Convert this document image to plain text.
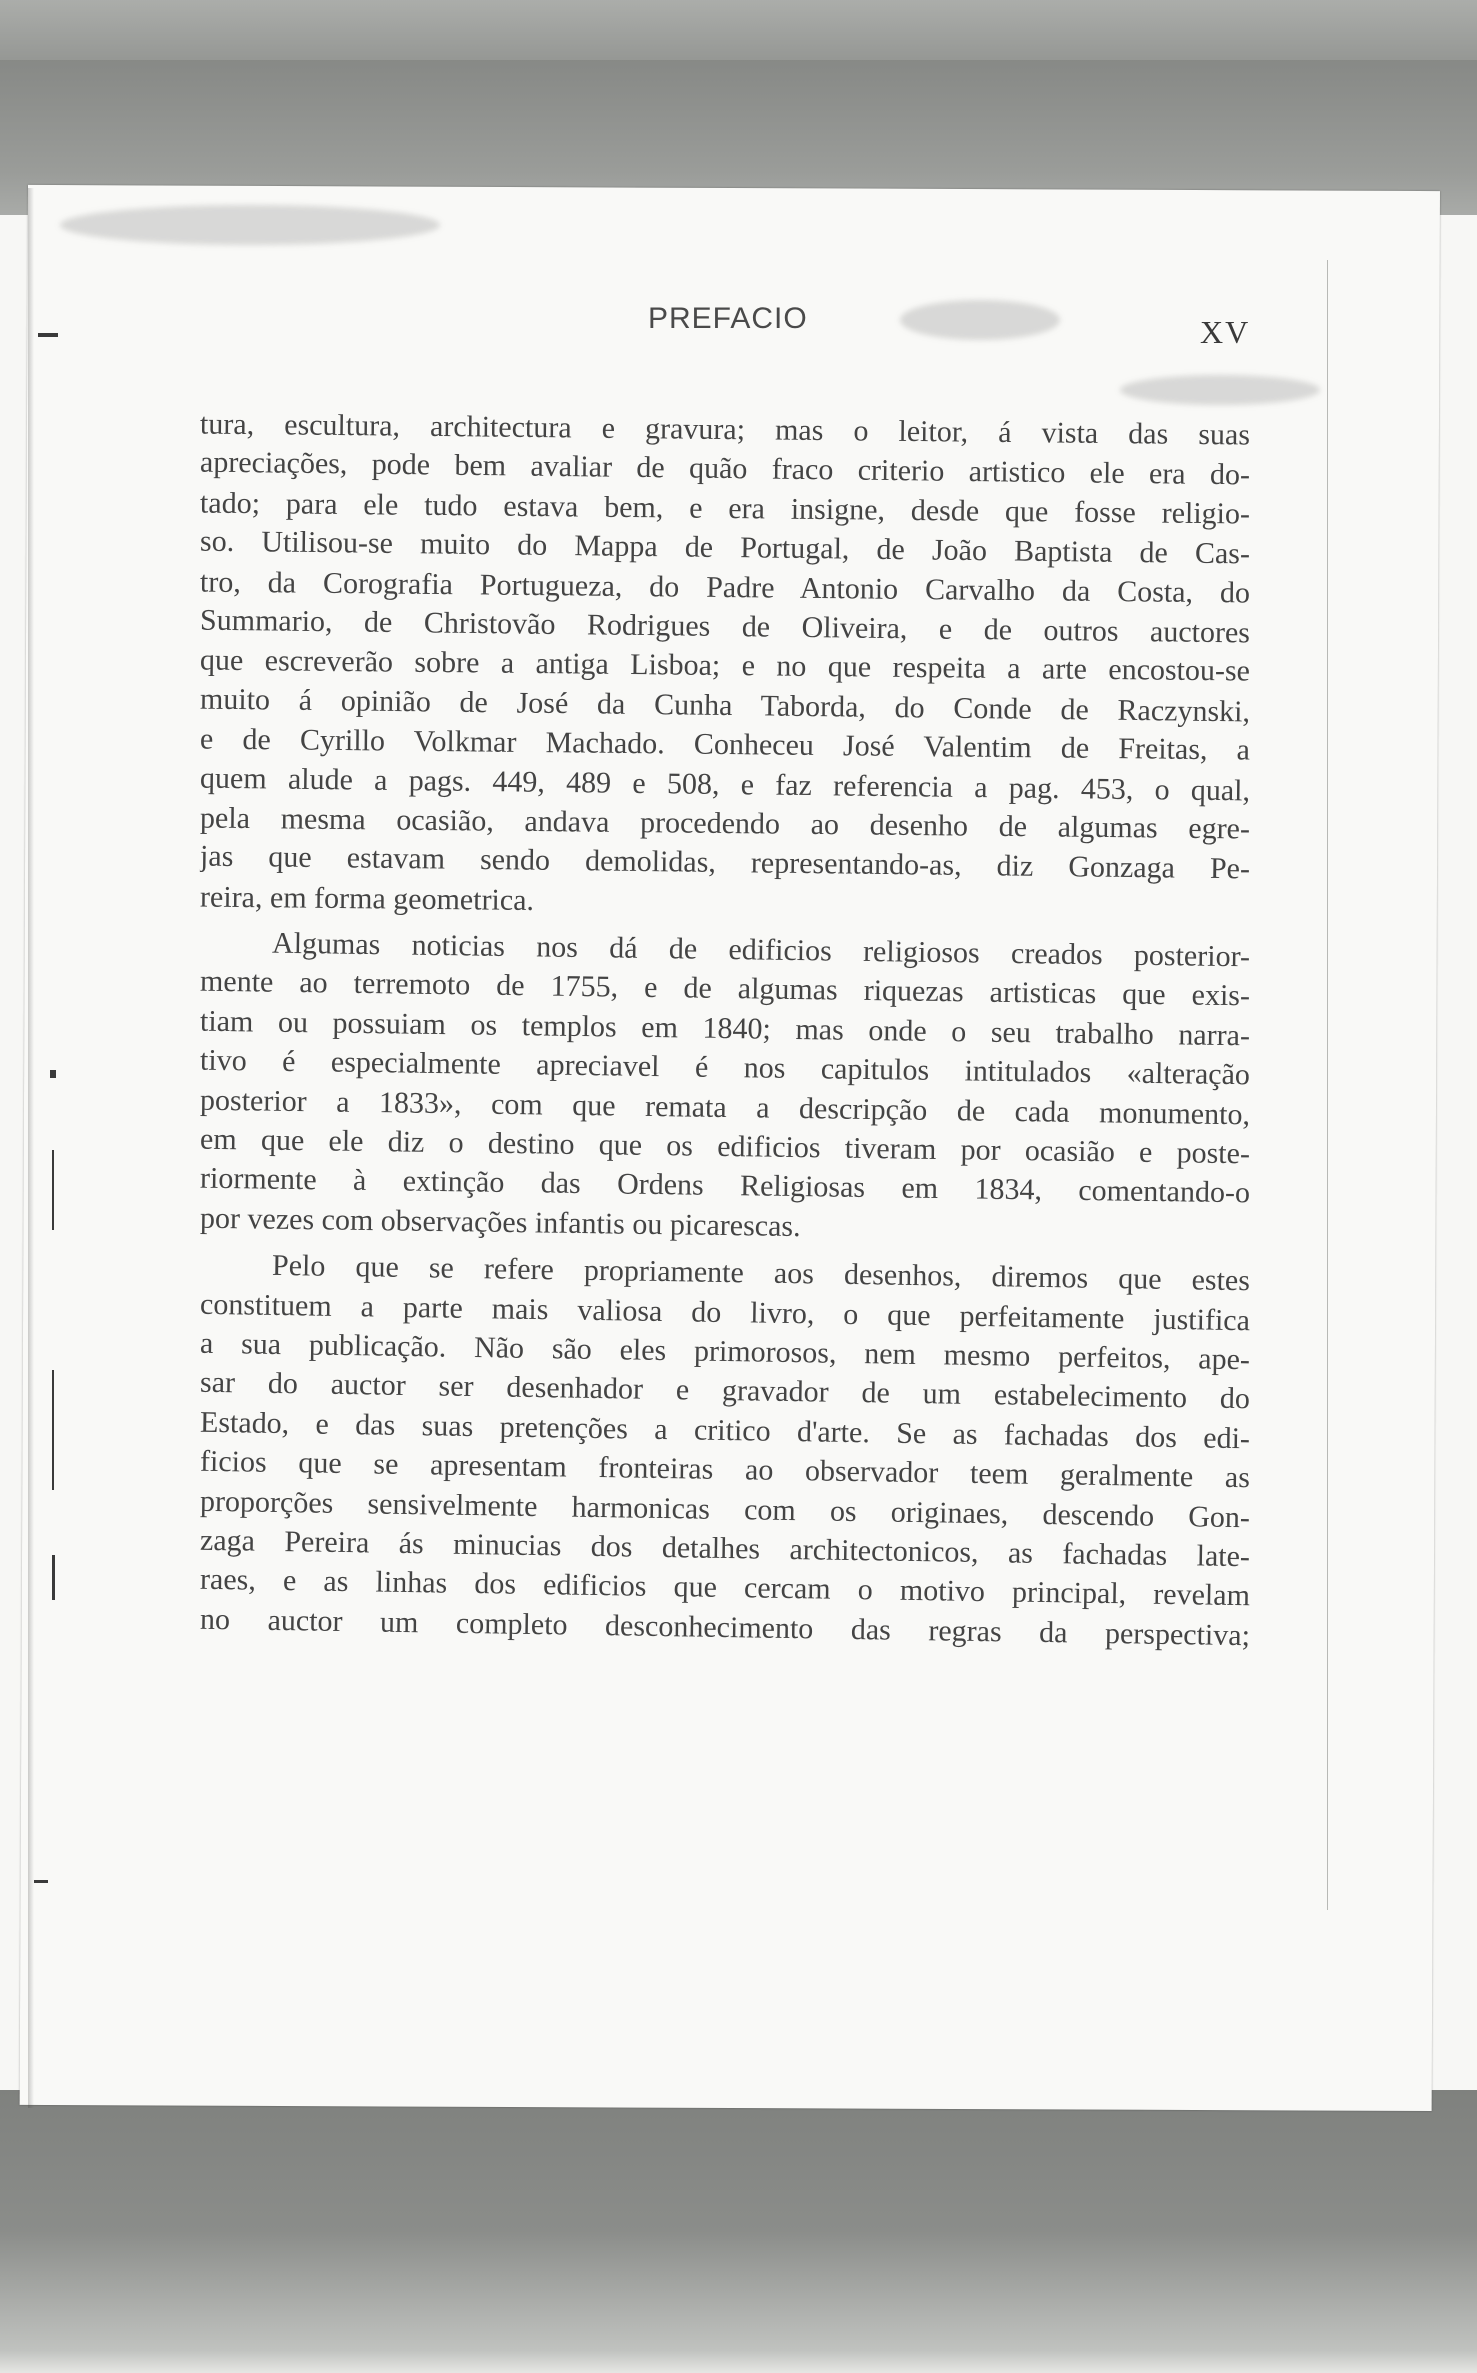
PREFACIO	XV
tura, escultura, architectura e gravura; mas o leitor, á vista das suas
apreciações, pode bem avaliar de quão fraco criterio artistico ele era do-
tado; para ele tudo estava bem, e era insigne, desde que fosse religio-
so. Utilisou-se muito do Mappa de Portugal, de João Baptista de Cas-
tro, da Corografia Portugueza, do Padre Antonio Carvalho da Costa, do
Summario, de Christovão Rodrigues de Oliveira, e de outros auctores
que escreverão sobre a antiga Lisboa; e no que respeita a arte encostou-se
muito á opinião de José da Cunha Taborda, do Conde de Raczynski,
e de Cyrillo Volkmar Machado. Conheceu José Valentim de Freitas, a
quem alude a pags. 449, 489 e 508, e faz referencia a pag. 453, o qual,
pela mesma ocasião, andava procedendo ao desenho de algumas egre-
jas que estavam sendo demolidas, representando-as, diz Gonzaga Pe-
reira, em forma geometrica.
Algumas noticias nos dá de edificios religiosos creados posterior-
mente ao terremoto de 1755, e de algumas riquezas artisticas que exis-
tiam ou possuiam os templos em 1840; mas onde o seu trabalho narra-
tivo é especialmente apreciavel é nos capitulos intitulados «alteração
posterior a 1833», com que remata a descripção de cada monumento,
em que ele diz o destino que os edificios tiveram por ocasião e poste-
riormente à extinção das Ordens Religiosas em 1834, comentando-o
por vezes com observações infantis ou picarescas.
Pelo que se refere propriamente aos desenhos, diremos que estes
constituem a parte mais valiosa do livro, o que perfeitamente justifica
a sua publicação. Não são eles primorosos, nem mesmo perfeitos, ape-
sar do auctor ser desenhador e gravador de um estabelecimento do
Estado, e das suas pretenções a critico d'arte. Se as fachadas dos edi-
ficios que se apresentam fronteiras ao observador teem geralmente as
proporções sensivelmente harmonicas com os originaes, descendo Gon-
zaga Pereira ás minucias dos detalhes architectonicos, as fachadas late-
raes, e as linhas dos edificios que cercam o motivo principal, revelam
no auctor um completo desconhecimento das regras da perspectiva;
